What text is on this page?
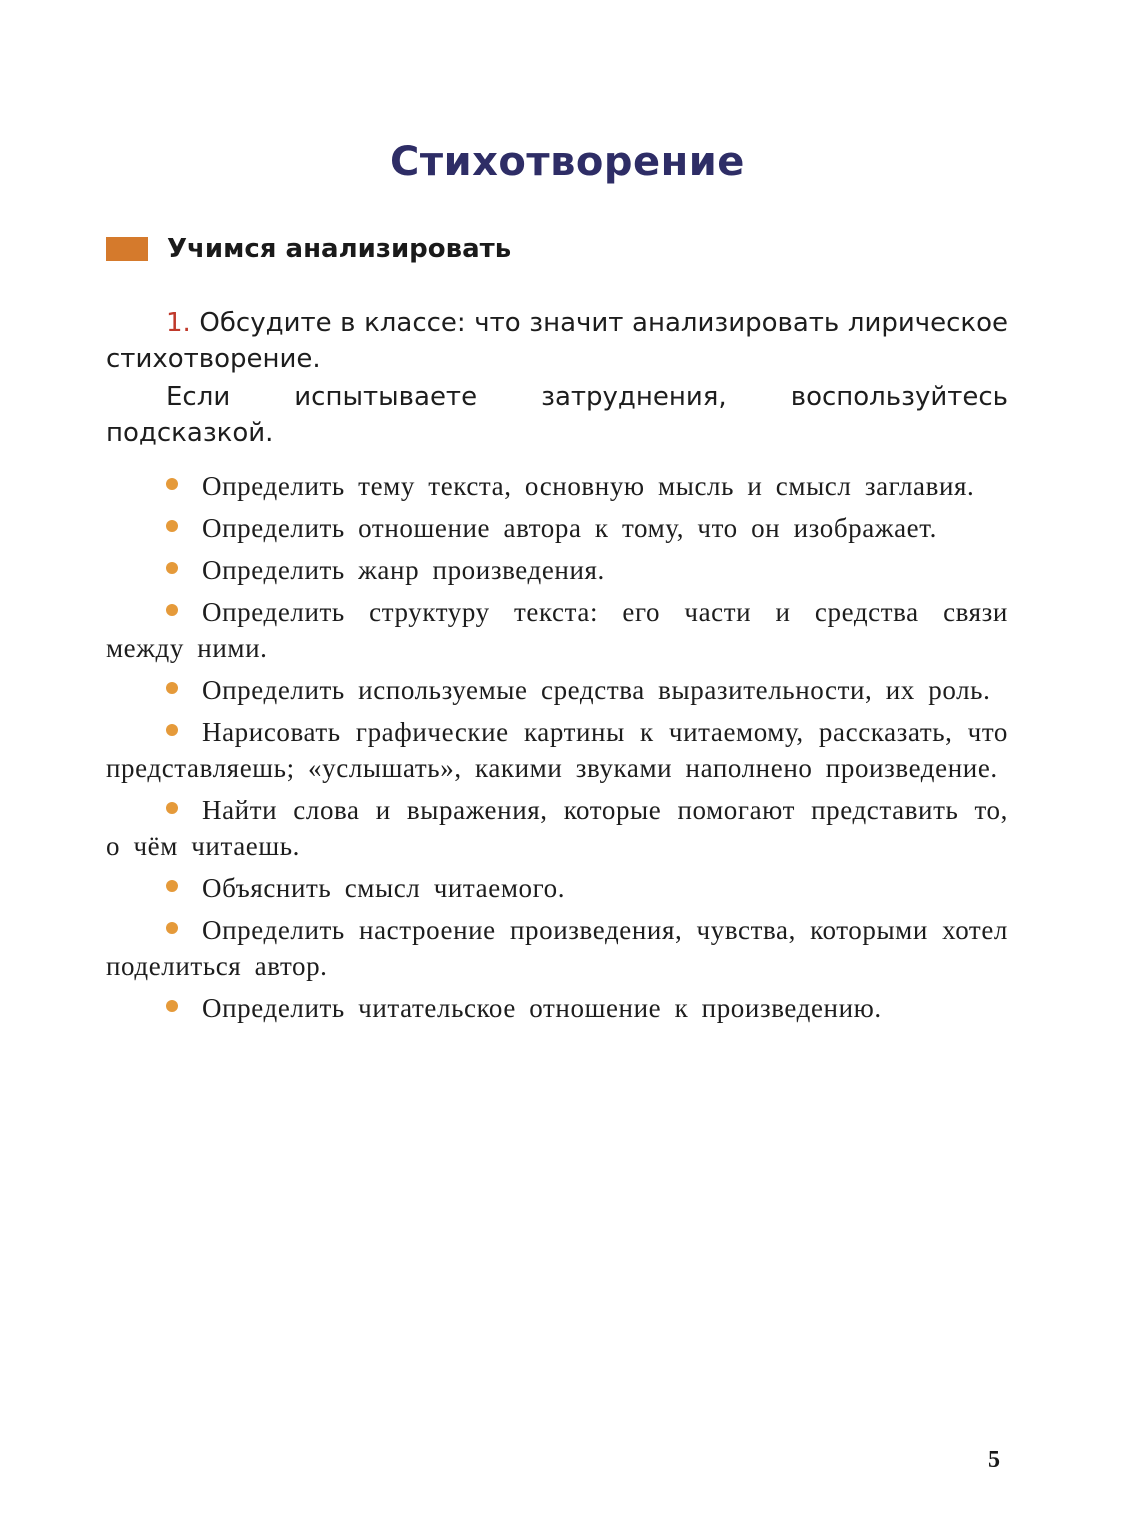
Стихотворение
Учимся анализировать

1. Обсудите в классе: что значит анализировать лирическое стихотворение.

Если испытываете затруднения, воспользуйтесь подсказкой.

Определить тему текста, основную мысль и смысл заглавия.

Определить отношение автора к тому, что он изображает.

Определить жанр произведения.

Определить структуру текста: его части и средства связи между ними.

Определить используемые средства выразительности, их роль.

Нарисовать графические картины к читаемому, рассказать, что представляешь; «услышать», какими звуками наполнено произведение.

Найти слова и выражения, которые помогают представить то, о чём читаешь.

Объяснить смысл читаемого.

Определить настроение произведения, чувства, которыми хотел поделиться автор.

Определить читательское отношение к произведению.

5
